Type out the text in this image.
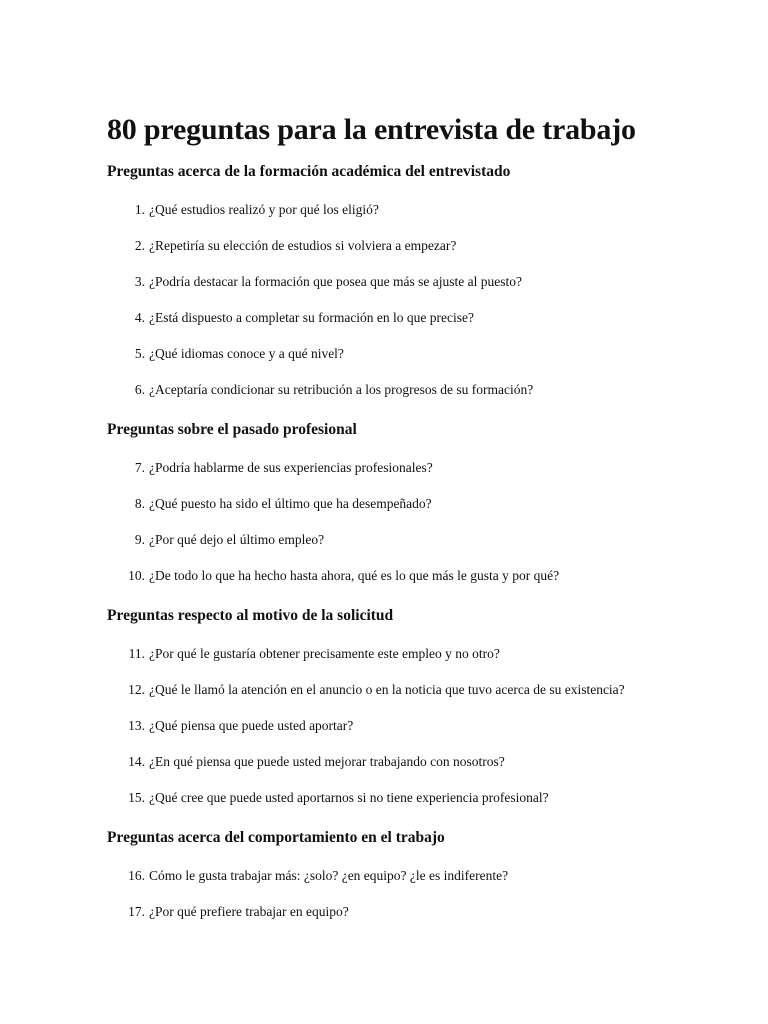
80 preguntas para la entrevista de trabajo
Preguntas acerca de la formación académica del entrevistado
1. ¿Qué estudios realizó y por qué los eligió?
2. ¿Repetiría su elección de estudios si volviera a empezar?
3. ¿Podría destacar la formación que posea que más se ajuste al puesto?
4. ¿Está dispuesto a completar su formación en lo que precise?
5. ¿Qué idiomas conoce y a qué nivel?
6. ¿Aceptaría condicionar su retribución a los progresos de su formación?
Preguntas sobre el pasado profesional
7. ¿Podría hablarme de sus experiencias profesionales?
8. ¿Qué puesto ha sido el último que ha desempeñado?
9. ¿Por qué dejo el último empleo?
10. ¿De todo lo que ha hecho hasta ahora, qué es lo que más le gusta y por qué?
Preguntas respecto al motivo de la solicitud
11. ¿Por qué le gustaría obtener precisamente este empleo y no otro?
12. ¿Qué le llamó la atención en el anuncio o en la noticia que tuvo acerca de su existencia?
13. ¿Qué piensa que puede usted aportar?
14. ¿En qué piensa que puede usted mejorar trabajando con nosotros?
15. ¿Qué cree que puede usted aportarnos si no tiene experiencia profesional?
Preguntas acerca del comportamiento en el trabajo
16. Cómo le gusta trabajar más: ¿solo? ¿en equipo? ¿le es indiferente?
17. ¿Por qué prefiere trabajar en equipo?
